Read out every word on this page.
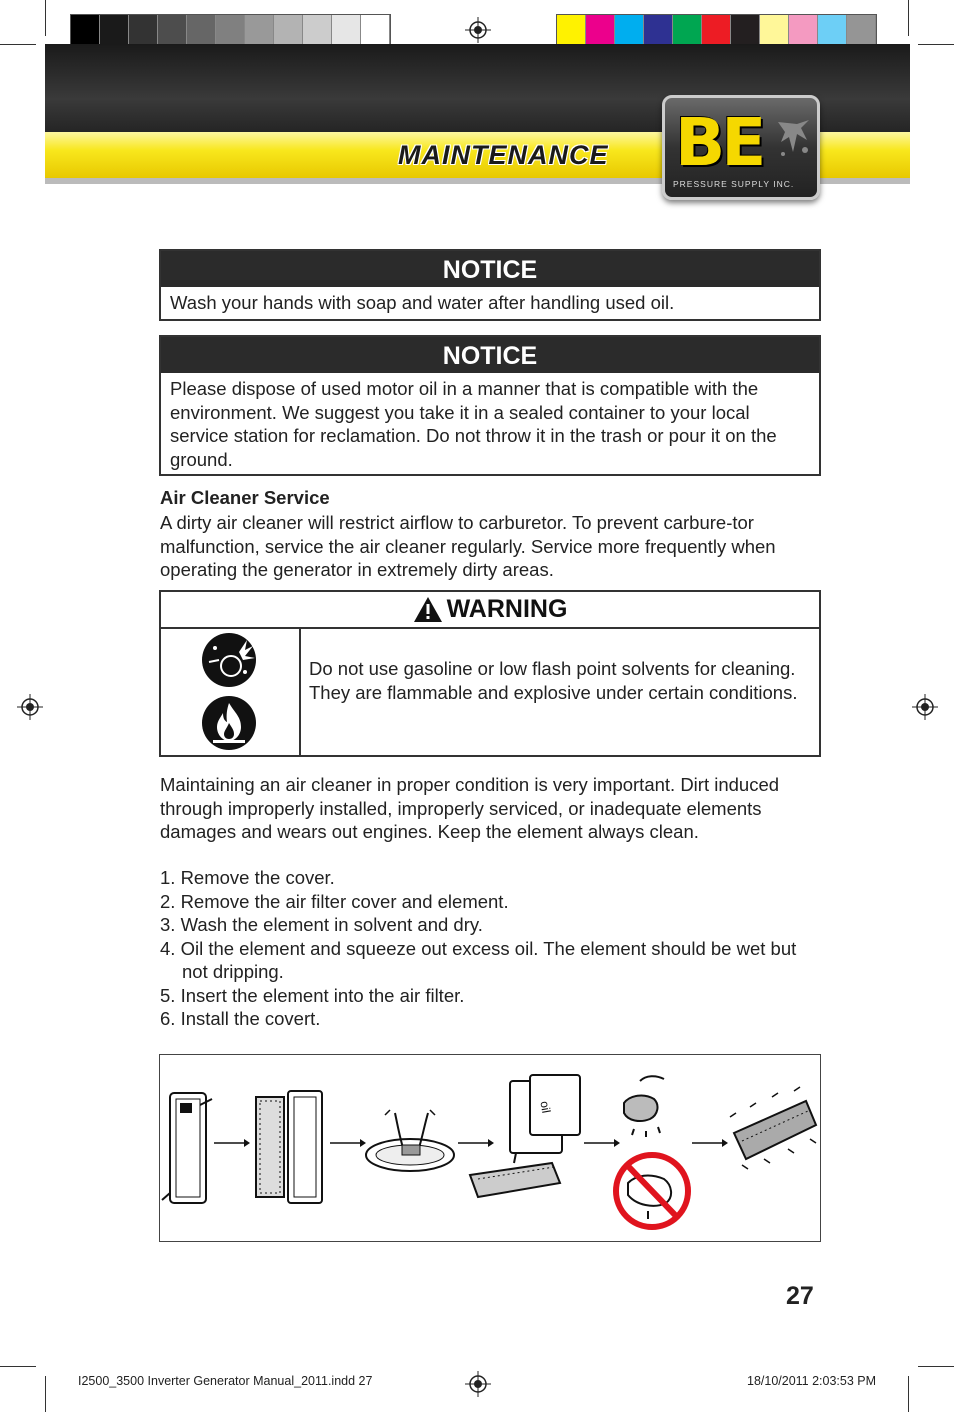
MAINTENANCE BE
PRESSURE SUPPLY INC.
NOTICE
Wash your hands with soap and water after handling used oil.
NOTICE
Please dispose of used motor oil in a manner that is compatible with the environment. We suggest you take it in a sealed container to your local service station for reclamation. Do not throw it in the trash or pour it on the ground.
Air Cleaner Service
A dirty air cleaner will restrict airflow to carburetor. To prevent carbure-tor malfunction, service the air cleaner regularly. Service more frequently when operating the generator in extremely dirty areas.
WARNING
Do not use gasoline or low flash point solvents for cleaning. They are flammable and explosive under certain conditions.
Maintaining an air cleaner in proper condition is very important. Dirt induced through improperly installed, improperly serviced, or inadequate elements damages and wears out engines. Keep the element always clean.
1. Remove the cover.
2. Remove the air filter cover and element.
3. Wash the element in solvent and dry.
4. Oil the element and squeeze out excess oil. The element should be wet but not dripping.
5. Insert the element into the air filter.
6. Install the covert.
oil
27
I2500_3500 Inverter Generator Manual_2011.indd 27	18/10/2011 2:03:53 PM
